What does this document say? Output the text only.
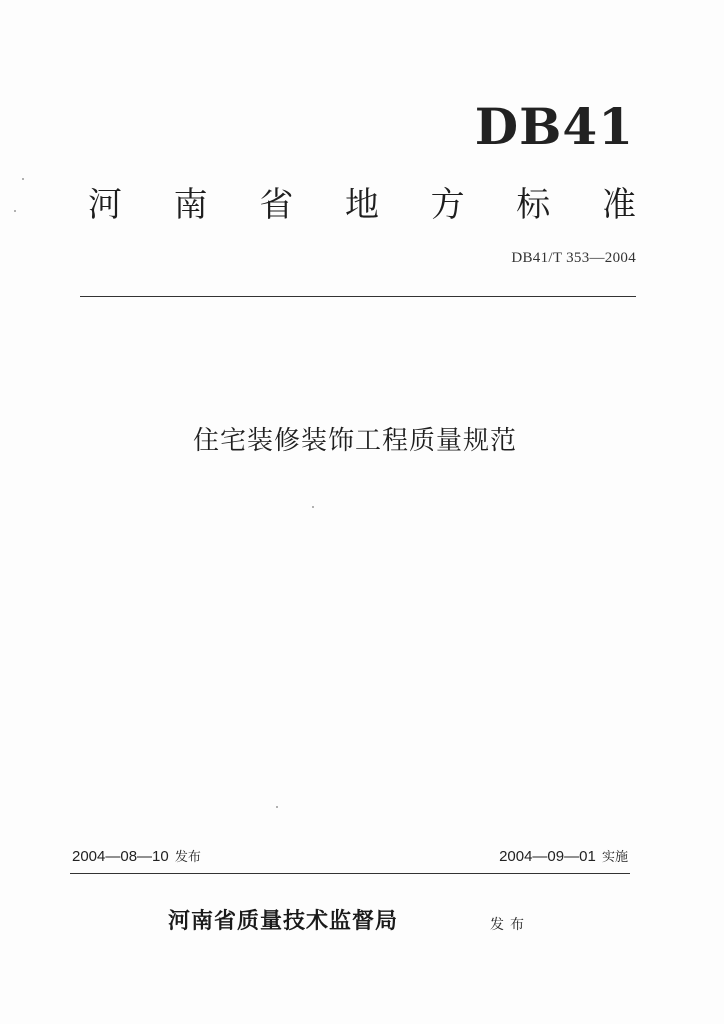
DB41
河 南 省 地 方 标 准
DB41/T 353—2004
住宅装修装饰工程质量规范
2004—08—10 发布	2004—09—01 实施
河南省质量技术监督局	发布
